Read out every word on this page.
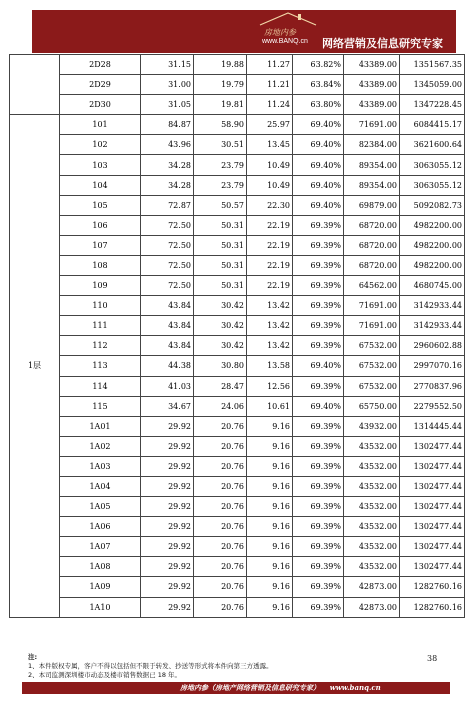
房地内参
www.BANQ.cn 网络营销及信息研究专家
	2D28	31.15	19.88	11.27	63.82%	43389.00	1351567.35
	2D29	31.00	19.79	11.21	63.84%	43389.00	1345059.00
	2D30	31.05	19.81	11.24	63.80%	43389.00	1347228.45
1层	101	84.87	58.90	25.97	69.40%	71691.00	6084415.17
	102	43.96	30.51	13.45	69.40%	82384.00	3621600.64
	103	34.28	23.79	10.49	69.40%	89354.00	3063055.12
	104	34.28	23.79	10.49	69.40%	89354.00	3063055.12
	105	72.87	50.57	22.30	69.40%	69879.00	5092082.73
	106	72.50	50.31	22.19	69.39%	68720.00	4982200.00
	107	72.50	50.31	22.19	69.39%	68720.00	4982200.00
	108	72.50	50.31	22.19	69.39%	68720.00	4982200.00
	109	72.50	50.31	22.19	69.39%	64562.00	4680745.00
	110	43.84	30.42	13.42	69.39%	71691.00	3142933.44
	111	43.84	30.42	13.42	69.39%	71691.00	3142933.44
	112	43.84	30.42	13.42	69.39%	67532.00	2960602.88
	113	44.38	30.80	13.58	69.40%	67532.00	2997070.16
	114	41.03	28.47	12.56	69.39%	67532.00	2770837.96
	115	34.67	24.06	10.61	69.40%	65750.00	2279552.50
	1A01	29.92	20.76	9.16	69.39%	43932.00	1314445.44
	1A02	29.92	20.76	9.16	69.39%	43532.00	1302477.44
	1A03	29.92	20.76	9.16	69.39%	43532.00	1302477.44
	1A04	29.92	20.76	9.16	69.39%	43532.00	1302477.44
	1A05	29.92	20.76	9.16	69.39%	43532.00	1302477.44
	1A06	29.92	20.76	9.16	69.39%	43532.00	1302477.44
	1A07	29.92	20.76	9.16	69.39%	43532.00	1302477.44
	1A08	29.92	20.76	9.16	69.39%	43532.00	1302477.44
	1A09	29.92	20.76	9.16	69.39%	42873.00	1282760.16
	1A10	29.92	20.76	9.16	69.39%	42873.00	1282760.16
注:
1、本件版权专属，客户不得以包括但不限于转发、抄送等形式将本件向第三方透露。
2、本司监测深圳楼市动态及楼市销售数据已 18 年。
38
房地内参（房地产网络营销及信息研究专家） www.banq.cn
